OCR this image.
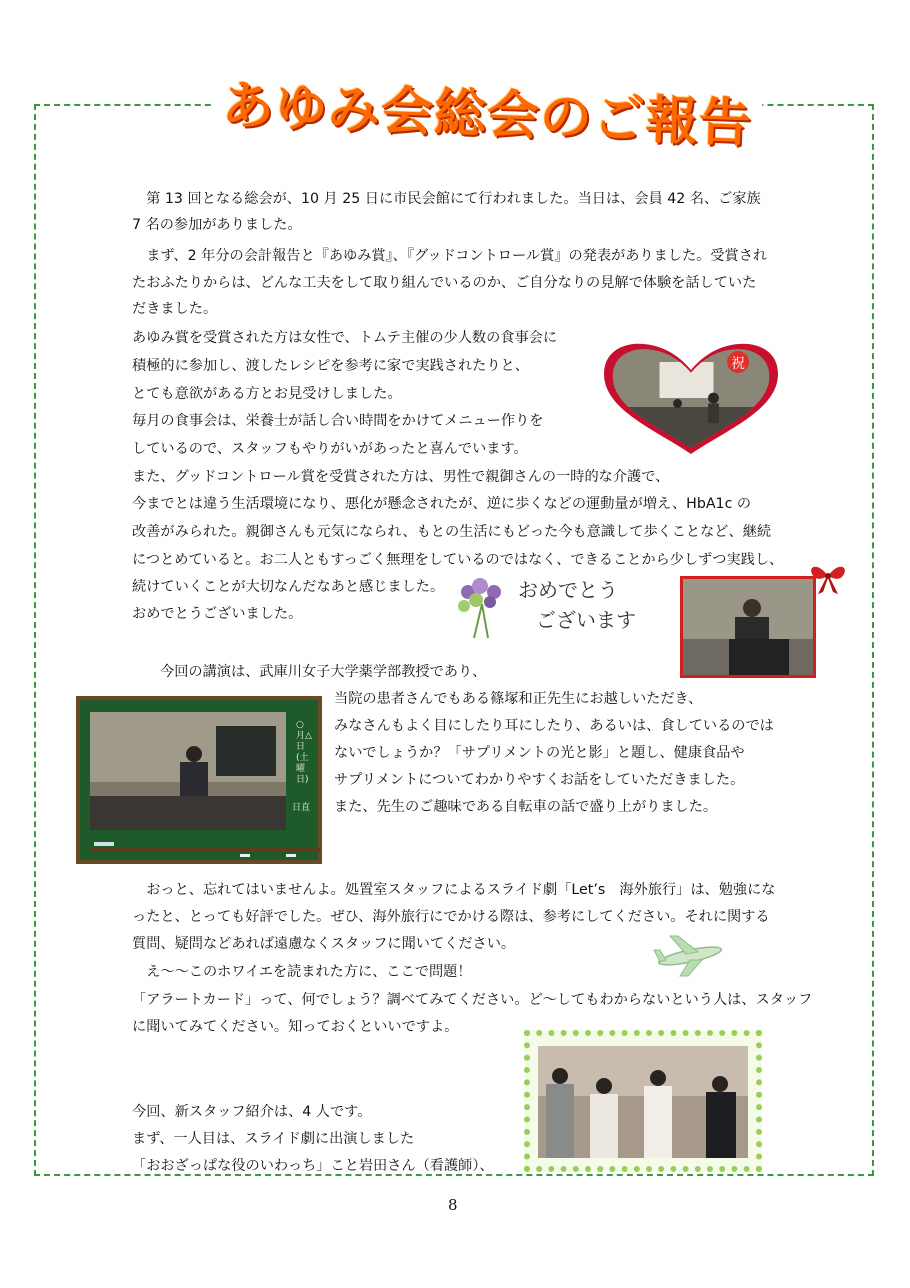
あゆみ会総会のご報告

　第 13 回となる総会が、10 月 25 日に市民会館にて行われました。当日は、会員 42 名、ご家族

7 名の参加がありました。

　まず、2 年分の会計報告と『あゆみ賞』、『グッドコントロール賞』の発表がありました。受賞され

たおふたりからは、どんな工夫をして取り組んでいるのか、ご自分なりの見解で体験を話していた

だきました。

あゆみ賞を受賞された方は女性で、トムテ主催の少人数の食事会に

積極的に参加し、渡したレシピを参考に家で実践されたりと、

とても意欲がある方とお見受けしました。

毎月の食事会は、栄養士が話し合い時間をかけてメニュー作りを

しているので、スタッフもやりがいがあったと喜んでいます。

また、グッドコントロール賞を受賞された方は、男性で親御さんの一時的な介護で、

今までとは違う生活環境になり、悪化が懸念されたが、逆に歩くなどの運動量が増え、HbA1c の

改善がみられた。親御さんも元気になられ、もとの生活にもどった今も意識して歩くことなど、継続

につとめていると。お二人ともすっごく無理をしているのではなく、できることから少しずつ実践し、

続けていくことが大切なんだなあと感じました。

おめでとうございました。

祝
おめでとう
ございます

今回の講演は、武庫川女子大学薬学部教授であり、

当院の患者さんでもある篠塚和正先生にお越しいただき、

みなさんもよく目にしたり耳にしたり、あるいは、食しているのでは

ないでしょうか？「サプリメントの光と影」と題し、健康食品や

サプリメントについてわかりやすくお話をしていただきました。

また、先生のご趣味である自転車の話で盛り上がりました。

○月△日(土曜日)
日直

　おっと、忘れてはいませんよ。処置室スタッフによるスライド劇「Let’s　海外旅行」は、勉強にな

ったと、とっても好評でした。ぜひ、海外旅行にでかける際は、参考にしてください。それに関する

質問、疑問などあれば遠慮なくスタッフに聞いてください。

　え～～このホワイエを読まれた方に、ここで問題！

「アラートカード」って、何でしょう？調べてみてください。ど～してもわからないという人は、スタッフ

に聞いてみてください。知っておくといいですよ。

今回、新スタッフ紹介は、4 人です。

まず、一人目は、スライド劇に出演しました

「おおざっぱな役のいわっち」こと岩田さん（看護師）、

8
